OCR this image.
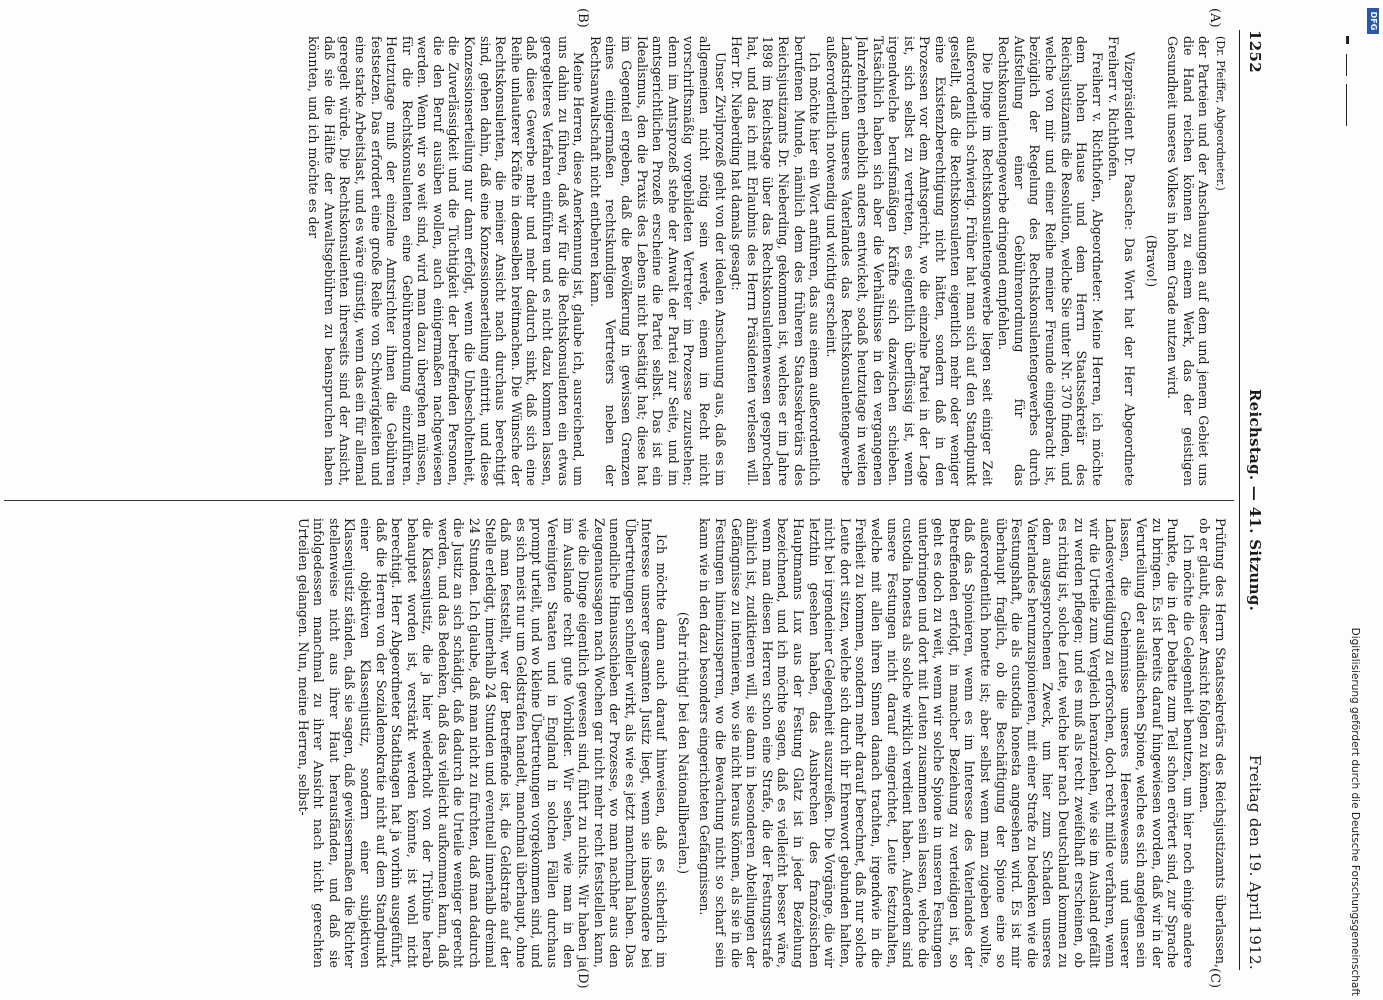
1252
Reichstag. — 41. Sitzung.
Freitag den 19. April 1912.
(A)
(B)
(C)
(D)

(Dr. Pfeiffer, Abgeordneter.)

der Parteien und der Anschauungen auf dem und jenem Gebiet uns die Hand reichen können zu einem Werk, das der geistigen Gesundheit unseres Volkes in hohem Grade nutzen wird.

(Bravo!)

Vizepräsident Dr. Paasche: Das Wort hat der Herr Abgeordnete Freiherr v. Richthofen.

Freiherr v. Richthofen, Abgeordneter: Meine Herren, ich möchte dem hohen Hause und dem Herrn Staatssekretär des Reichsjustizamts die Resolution, welche Sie unter Nr. 370 finden, und welche von mir und einer Reihe meiner Freunde eingebracht ist, bezüglich der Regelung des Rechtskonsulentengewerbes durch Aufstellung einer Gebührenordnung für das Rechtskonsulentengewerbe dringend empfehlen.

Die Dinge im Rechtskonsulentengewerbe liegen seit einiger Zeit außerordentlich schwierig. Früher hat man sich auf den Standpunkt gestellt, daß die Rechtskonsulenten eigentlich mehr oder weniger eine Existenzberechtigung nicht hätten, sondern daß in den Prozessen vor dem Amtsgericht, wo die einzelne Partei in der Lage ist, sich selbst zu vertreten, es eigentlich überflüssig ist, wenn irgendwelche berufsmäßigen Kräfte sich dazwischen schieben. Tatsächlich haben sich aber die Verhältnisse in den vergangenen Jahrzehnten erheblich anders entwickelt, sodaß heutzutage in weiten Landstrichen unseres Vaterlandes das Rechtskonsulentengewerbe außerordentlich notwendig und wichtig erscheint.

Ich möchte hier ein Wort anführen, das aus einem außerordentlich berufenen Munde, nämlich dem des früheren Staatssekretärs des Reichsjustizamts Dr. Nieberding, gekommen ist, welches er im Jahre 1898 im Reichstage über das Rechtskonsulentenwesen gesprochen hat, und das ich mit Erlaubnis des Herrn Präsidenten verlesen will. Herr Dr. Nieberding hat damals gesagt:

Unser Zivilprozeß geht von der idealen Anschauung aus, daß es im allgemeinen nicht nötig sein werde, einem im Recht nicht vorschriftsmäßig vorgebildeten Vertreter im Prozesse zuzustehen; denn im Amtsprozeß stehe der Anwalt der Partei zur Seite, und im amtsgerichtlichen Prozeß erscheine die Partei selbst. Das ist ein Idealismus, den die Praxis des Lebens nicht bestätigt hat; diese hat im Gegenteil ergeben, daß die Bevölkerung in gewissen Grenzen eines einigermaßen rechtskundigen Vertreters neben der Rechtsanwaltschaft nicht entbehren kann.

Meine Herren, diese Anerkennung ist, glaube ich, ausreichend, um uns dahin zu führen, daß wir für die Rechtskonsulenten ein etwas geregelteres Verfahren einführen und es nicht dazu kommen lassen, daß diese Gewerbe mehr und mehr dadurch sinkt, daß sich eine Reihe unlauterer Kräfte in demselben breitmachen. Die Wünsche der Rechtskonsulenten, die meiner Ansicht nach durchaus berechtigt sind, gehen dahin, daß eine Konzessionserteilung eintritt, und diese Konzessionserteilung nur dann erfolgt, wenn die Unbescholtenheit, die Zuverlässigkeit und die Tüchtigkeit der betreffenden Personen, die den Beruf ausüben wollen, auch einigermaßen nachgewiesen werden. Wenn wir so weit sind, wird man dazu übergehen müssen, für die Rechtskonsulenten eine Gebührenordnung einzuführen. Heutzutage muß der einzelne Amtsrichter ihnen die Gebühren festsetzen. Das erfordert eine große Reihe von Schwierigkeiten und eine starke Arbeitslast, und es wäre günstig, wenn das ein für allemal geregelt würde. Die Rechtskonsulenten ihrerseits sind der Ansicht, daß sie die Hälfte der Anwaltsgebühren zu beanspruchen haben könnten, und ich möchte es der

Prüfung des Herrn Staatssekretärs des Reichsjustizamts überlassen, ob er glaubt, dieser Ansicht folgen zu können.

Ich möchte die Gelegenheit benutzen, um hier noch einige andere Punkte, die in der Debatte zum Teil schon erörtert sind, zur Sprache zu bringen. Es ist bereits darauf hingewiesen worden, daß wir in der Verurteilung der ausländischen Spione, welche es sich angelegen sein lassen, die Geheimnisse unseres Heereswesens und unserer Landesverteidigung zu erforschen, doch recht milde verfahren, wenn wir die Urteile zum Vergleich heranziehen, wie sie im Ausland gefällt zu werden pflegen; und es muß als recht zweifelhaft erscheinen, ob es richtig ist, solche Leute, welche hier nach Deutschland kommen zu dem ausgesprochenen Zweck, um hier zum Schaden unseres Vaterlandes herumzuspionieren, mit einer Strafe zu bedenken wie die Festungshaft, die als custodia honesta angesehen wird. Es ist mir überhaupt fraglich, ob die Beschäftigung der Spione eine so außerordentlich honette ist; aber selbst wenn man zugeben wollte, daß das Spionieren, wenn es im Interesse des Vaterlandes der Betreffenden erfolgt, in mancher Beziehung zu verteidigen ist, so geht es doch zu weit, wenn wir solche Spione in unseren Festungen unterbringen und dort mit Leuten zusammen sein lassen, welche die custodia honesta als solche wirklich verdient haben. Außerdem sind unsere Festungen nicht darauf eingerichtet, Leute festzuhalten, welche mit allen ihren Sinnen danach trachten, irgendwie in die Freiheit zu kommen, sondern mehr darauf berechnet, daß nur solche Leute dort sitzen, welche sich durch ihr Ehrenwort gebunden halten, nicht bei irgendeiner Gelegenheit auszureißen. Die Vorgänge, die wir letzthin gesehen haben, das Ausbrechen des französischen Hauptmanns Lux aus der Festung Glatz ist in jeder Beziehung bezeichnend, und ich möchte sagen, daß es vielleicht besser wäre, wenn man diesen Herren schon eine Strafe, die der Festungsstrafe ähnlich ist, zudiktieren will, sie dann in besonderen Abteilungen der Gefängnisse zu internieren, wo sie nicht heraus können, als sie in die Festungen hineinzusperren, wo die Bewachung nicht so scharf sein kann wie in den dazu besonders eingerichteten Gefängnissen.

(Sehr richtig! bei den Nationalliberalen.)

Ich möchte dann auch darauf hinweisen, daß es sicherlich im Interesse unserer gesamten Justiz liegt, wenn sie insbesondere bei Übertretungen schneller wirkt, als wie es jetzt manchmal haben. Das unendliche Hinausschieben der Prozesse, wo man nachher aus den Zeugenaussagen nach Wochen gar nicht mehr recht feststellen kann, wie die Dinge eigentlich gewesen sind, führt zu nichts. Wir haben ja im Auslande recht gute Vorbilder. Wir sehen, wie man in den Vereinigten Staaten und in England in solchen Fällen durchaus prompt urteilt, und wo kleine Übertretungen vorgekommen sind, und es sich meist nur um Geldstrafen handelt, manchmal überhaupt, ohne daß man feststellt, wer der Betreffende ist, die Geldstrafe auf der Stelle erledigt, innerhalb 24 Stunden und eventuell innerhalb dreimal 24 Stunden. Ich glaube, daß man nicht zu fürchten, daß man dadurch die Justiz an sich schädigt, daß dadurch die Urteile weniger gerecht werden, und das Bedenken, daß das vielleicht aufkommen kann, daß die Klassenjustiz, die ja hier wiederholt von der Tribüne herab behauptet worden ist, verstärkt werden könnte, ist wohl nicht berechtigt. Herr Abgeordneter Stadthagen hat ja vorhin ausgeführt, daß die Herren von der Sozialdemokratie nicht auf dem Standpunkt einer objektiven Klassenjustiz, sondern einer subjektiven Klassenjustiz ständen, daß sie sagen, daß gewissermaßen die Richter stellenweise nicht aus ihrer Haut herausfänden, und daß sie infolgedessen manchmal zu ihrer Ansicht nach nicht gerechten Urteilen gelangen. Nun, meine Herren, selbst-	Digitalisierung gefördert durch die Deutsche Forschungsgemeinschaft
DFG
